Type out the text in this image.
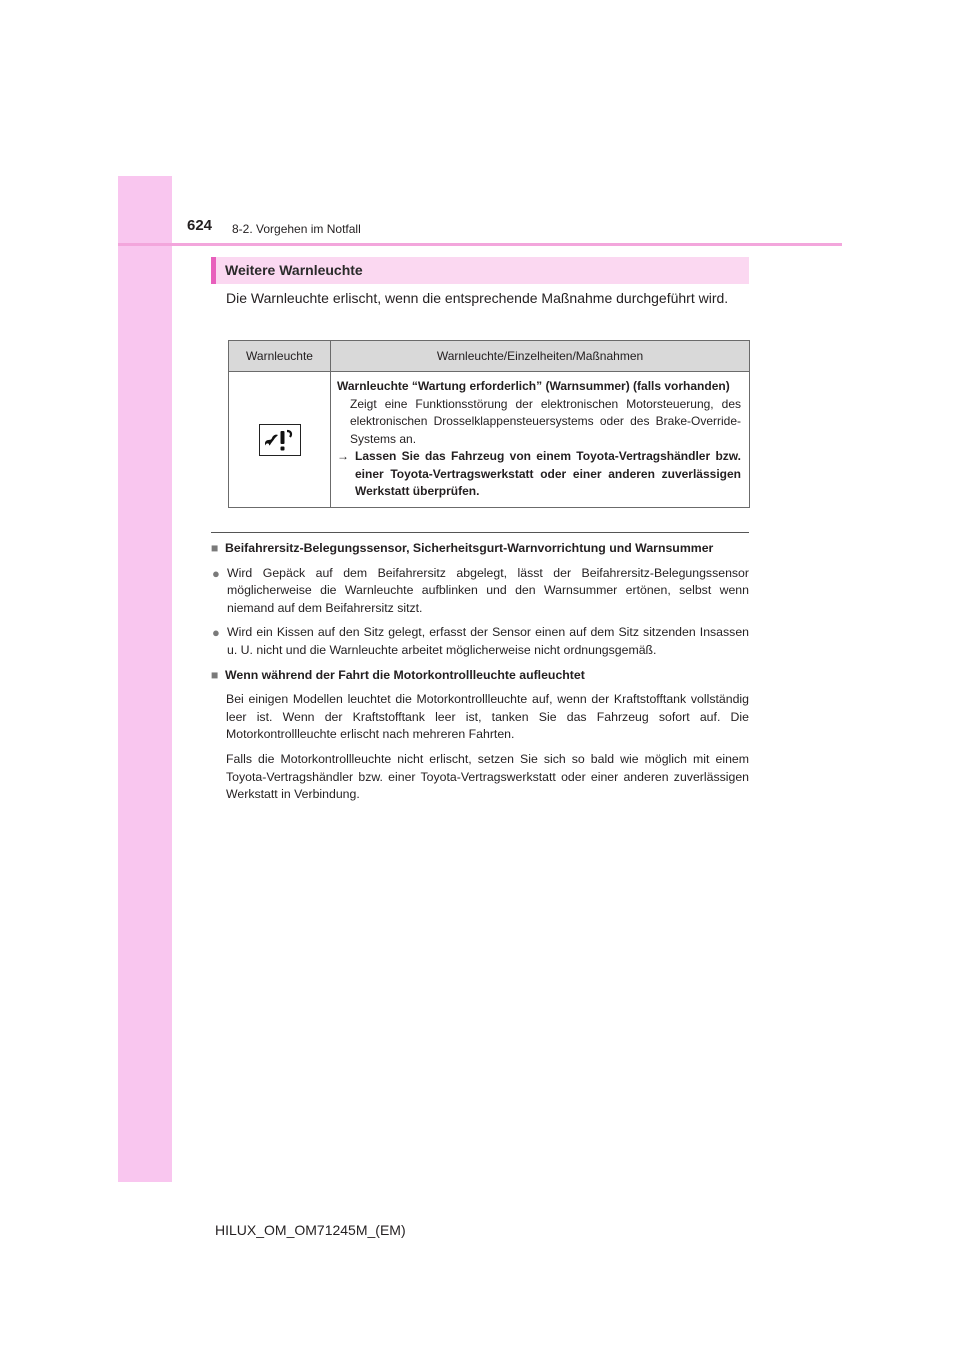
624 8-2. Vorgehen im Notfall
Weitere Warnleuchte

Die Warnleuchte erlischt, wenn die entsprechende Maßnahme durchgeführt wird.

Warnleuchte	Warnleuchte/Einzelheiten/Maßnahmen

Warnleuchte “Wartung erforderlich” (Warnsummer) (falls vorhanden)
Zeigt eine Funktionsstörung der elektronischen Motorsteuerung, des elektronischen Drosselklappensteuersystems oder des Brake-Override-Systems an.
→ Lassen Sie das Fahrzeug von einem Toyota-Vertragshändler bzw. einer Toyota-Vertragswerkstatt oder einer anderen zuverlässigen Werkstatt überprüfen.
■ Beifahrersitz-Belegungssensor, Sicherheitsgurt-Warnvorrichtung und Warnsummer
● Wird Gepäck auf dem Beifahrersitz abgelegt, lässt der Beifahrersitz-Belegungssensor möglicherweise die Warnleuchte aufblinken und den Warnsummer ertönen, selbst wenn niemand auf dem Beifahrersitz sitzt.
● Wird ein Kissen auf den Sitz gelegt, erfasst der Sensor einen auf dem Sitz sitzenden Insassen u. U. nicht und die Warnleuchte arbeitet möglicherweise nicht ordnungsgemäß.
■ Wenn während der Fahrt die Motorkontrollleuchte aufleuchtet
Bei einigen Modellen leuchtet die Motorkontrollleuchte auf, wenn der Kraftstofftank vollständig leer ist. Wenn der Kraftstofftank leer ist, tanken Sie das Fahrzeug sofort auf. Die Motorkontrollleuchte erlischt nach mehreren Fahrten.
Falls die Motorkontrollleuchte nicht erlischt, setzen Sie sich so bald wie möglich mit einem Toyota-Vertragshändler bzw. einer Toyota-Vertragswerkstatt oder einer anderen zuverlässigen Werkstatt in Verbindung.
HILUX_OM_OM71245M_(EM)
